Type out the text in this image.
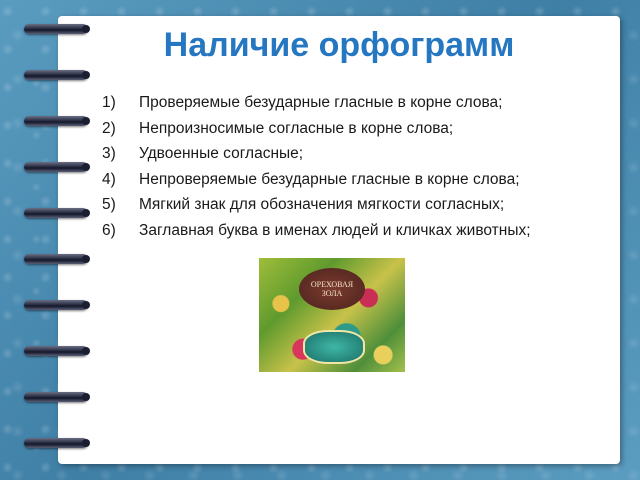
Наличие орфограмм
1)	Проверяемые безударные гласные в корне слова;
2)	Непроизносимые согласные в корне слова;
3)	Удвоенные согласные;
4)	Непроверяемые безударные гласные в корне слова;
5)	Мягкий знак для обозначения мягкости согласных;
6)	Заглавная буква в именах людей и кличках животных;
ОРЕХОВАЯ
ЗОЛА
